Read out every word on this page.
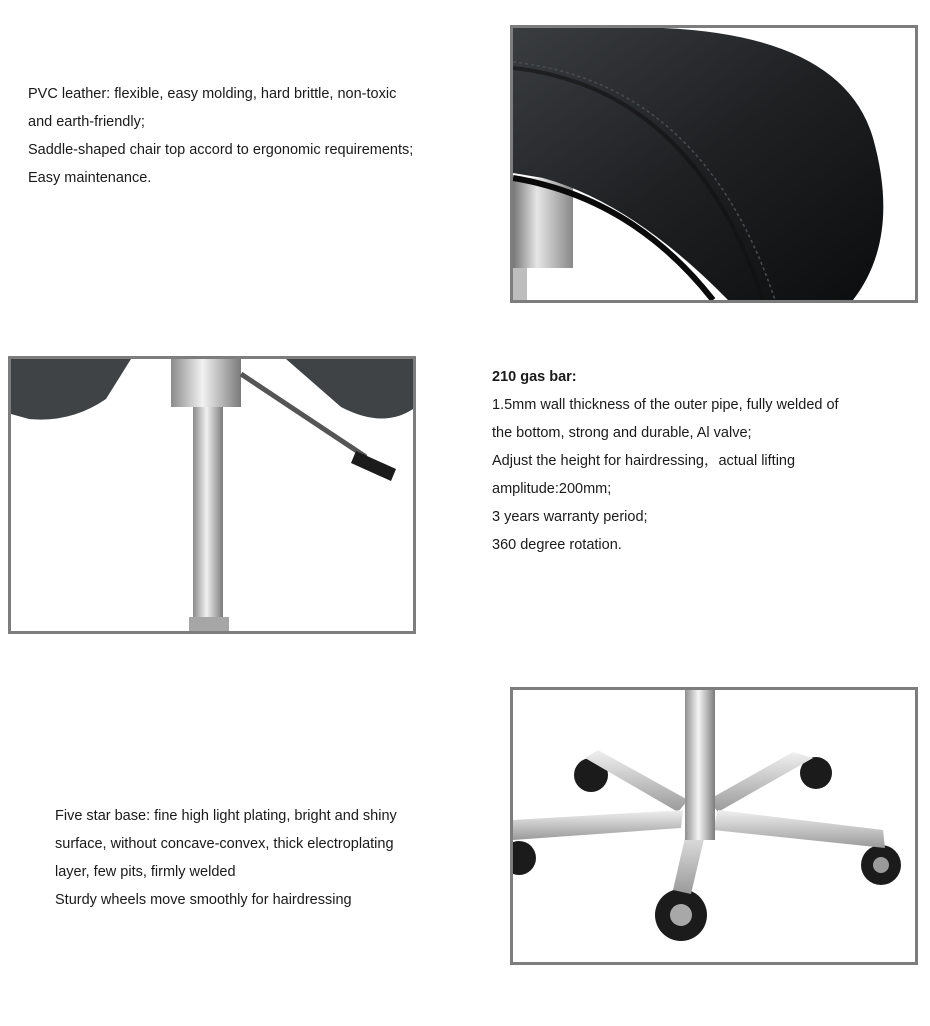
PVC leather: flexible, easy molding, hard brittle, non-toxic

and earth-friendly;

Saddle-shaped chair top accord to ergonomic requirements;

Easy maintenance.

210 gas bar:

1.5mm wall thickness of the outer pipe, fully welded of

the bottom, strong and durable, Al valve;

Adjust the height for hairdressing，actual lifting

amplitude:200mm;

3 years warranty period;

360 degree rotation.

Five star base: fine high light plating, bright and shiny

surface, without concave-convex, thick electroplating

layer, few pits, firmly welded

Sturdy wheels move smoothly for hairdressing
